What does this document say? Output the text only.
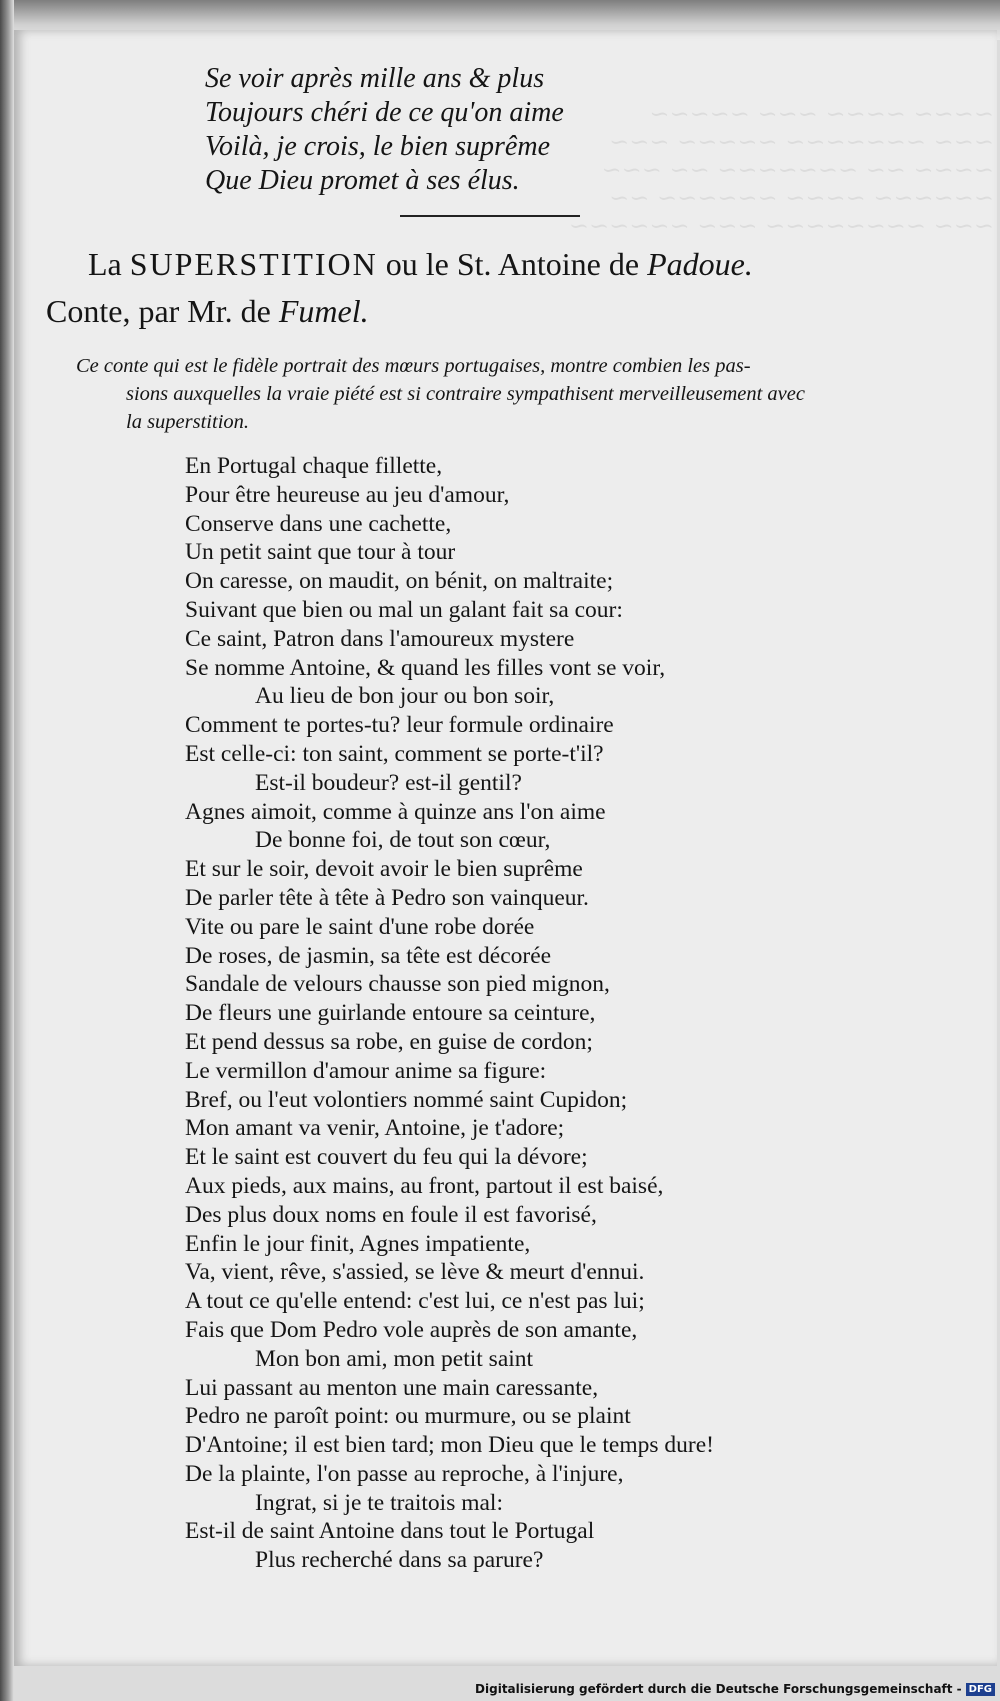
~~~~ ~~~~ ~~~ ~~~~~
~~~ ~~~~~~~ ~~~~~ ~~~
~~~~ ~~ ~~~~~~~ ~~ ~~~
~~~~~~ ~~~~ ~~~~~~ ~~
~~~ ~~~~~~~~ ~~~ ~~~~~~
Se voir après mille ans & plus
Toujours chéri de ce qu'on aime
Voilà, je crois, le bien suprême
Que Dieu promet à ses élus.
La SUPERSTITION ou le St. Antoine de Padoue.
Conte, par Mr. de Fumel.
Ce conte qui est le fidèle portrait des mœurs portugaises, montre combien les pas-
sions auxquelles la vraie piété est si contraire sympathisent merveilleusement avec
la superstition.
En Portugal chaque fillette,
Pour être heureuse au jeu d'amour,
Conserve dans une cachette,
Un petit saint que tour à tour
On caresse, on maudit, on bénit, on maltraite;
Suivant que bien ou mal un galant fait sa cour:
Ce saint, Patron dans l'amoureux mystere
Se nomme Antoine, & quand les filles vont se voir,
Au lieu de bon jour ou bon soir,
Comment te portes-tu? leur formule ordinaire
Est celle-ci: ton saint, comment se porte-t'il?
Est-il boudeur? est-il gentil?
Agnes aimoit, comme à quinze ans l'on aime
De bonne foi, de tout son cœur,
Et sur le soir, devoit avoir le bien suprême
De parler tête à tête à Pedro son vainqueur.
Vite ou pare le saint d'une robe dorée
De roses, de jasmin, sa tête est décorée
Sandale de velours chausse son pied mignon,
De fleurs une guirlande entoure sa ceinture,
Et pend dessus sa robe, en guise de cordon;
Le vermillon d'amour anime sa figure:
Bref, ou l'eut volontiers nommé saint Cupidon;
Mon amant va venir, Antoine, je t'adore;
Et le saint est couvert du feu qui la dévore;
Aux pieds, aux mains, au front, partout il est baisé,
Des plus doux noms en foule il est favorisé,
Enfin le jour finit, Agnes impatiente,
Va, vient, rêve, s'assied, se lève & meurt d'ennui.
A tout ce qu'elle entend: c'est lui, ce n'est pas lui;
Fais que Dom Pedro vole auprès de son amante,
Mon bon ami, mon petit saint
Lui passant au menton une main caressante,
Pedro ne paroît point: ou murmure, ou se plaint
D'Antoine; il est bien tard; mon Dieu que le temps dure!
De la plainte, l'on passe au reproche, à l'injure,
Ingrat, si je te traitois mal:
Est-il de saint Antoine dans tout le Portugal
Plus recherché dans sa parure?
Digitalisierung gefördert durch die Deutsche Forschungsgemeinschaft - DFG
